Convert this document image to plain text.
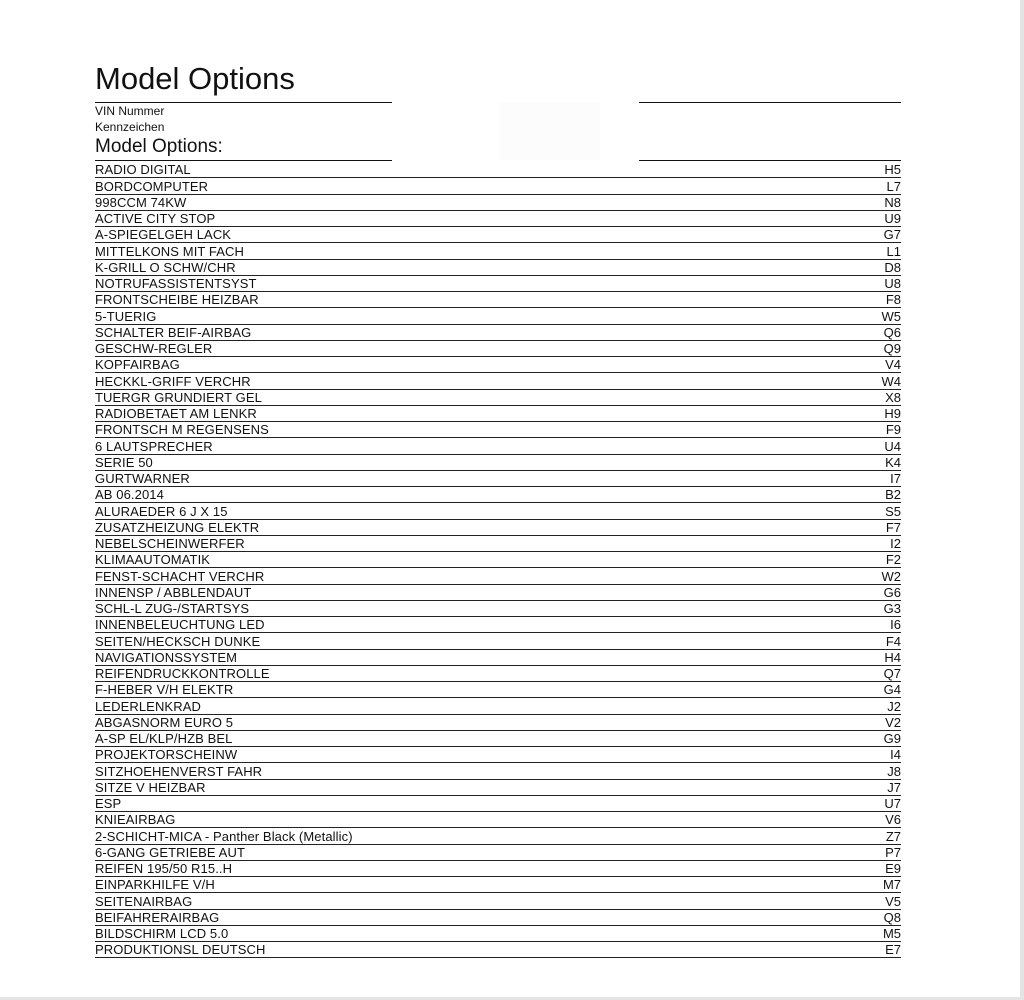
Model Options
VIN Nummer
Kennzeichen
Model Options:
RADIO DIGITAL	H5
BORDCOMPUTER	L7
998CCM 74KW	N8
ACTIVE CITY STOP	U9
A-SPIEGELGEH LACK	G7
MITTELKONS MIT FACH	L1
K-GRILL O SCHW/CHR	D8
NOTRUFASSISTENTSYST	U8
FRONTSCHEIBE HEIZBAR	F8
5-TUERIG	W5
SCHALTER BEIF-AIRBAG	Q6
GESCHW-REGLER	Q9
KOPFAIRBAG	V4
HECKKL-GRIFF VERCHR	W4
TUERGR GRUNDIERT GEL	X8
RADIOBETAET AM LENKR	H9
FRONTSCH M REGENSENS	F9
6 LAUTSPRECHER	U4
SERIE 50	K4
GURTWARNER	I7
AB 06.2014	B2
ALURAEDER 6 J X 15	S5
ZUSATZHEIZUNG ELEKTR	F7
NEBELSCHEINWERFER	I2
KLIMAAUTOMATIK	F2
FENST-SCHACHT VERCHR	W2
INNENSP / ABBLENDAUT	G6
SCHL-L ZUG-/STARTSYS	G3
INNENBELEUCHTUNG LED	I6
SEITEN/HECKSCH DUNKE	F4
NAVIGATIONSSYSTEM	H4
REIFENDRUCKKONTROLLE	Q7
F-HEBER V/H ELEKTR	G4
LEDERLENKRAD	J2
ABGASNORM EURO 5	V2
A-SP EL/KLP/HZB BEL	G9
PROJEKTORSCHEINW	I4
SITZHOEHENVERST FAHR	J8
SITZE V HEIZBAR	J7
ESP	U7
KNIEAIRBAG	V6
2-SCHICHT-MICA - Panther Black (Metallic)	Z7
6-GANG GETRIEBE AUT	P7
REIFEN 195/50 R15..H	E9
EINPARKHILFE V/H	M7
SEITENAIRBAG	V5
BEIFAHRERAIRBAG	Q8
BILDSCHIRM LCD 5.0	M5
PRODUKTIONSL DEUTSCH	E7
